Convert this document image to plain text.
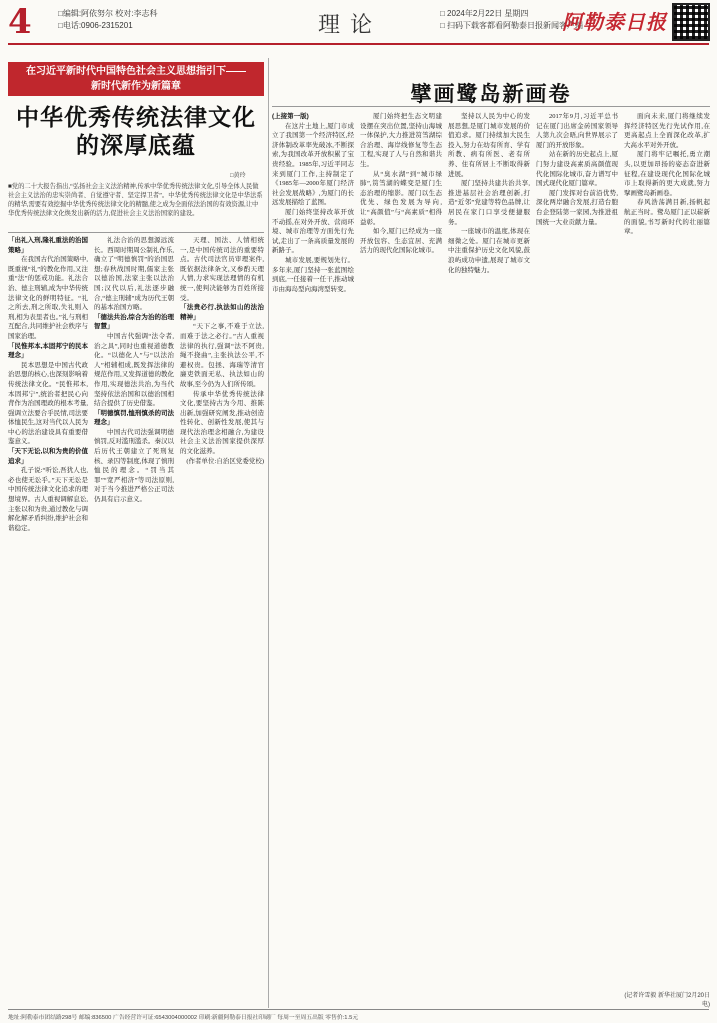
4	□编辑:阿依努尔 校对:李志科
□电话:0906-2315201	理论	□ 2024年2月22日 星期四
□ 扫码下载客都看阿勒泰日报新闻客户端
阿勒泰日报
在习近平新时代中国特色社会主义思想指引下——
新时代新作为新篇章
中华优秀传统法律文化的深厚底蕴
□黄玲
■党的二十大报告指出,“弘扬社会主义法治精神,传承中华优秀传统法律文化,引导全体人民做社会主义法治的忠实崇尚者、自觉遵守者、坚定捍卫者”。中华优秀传统法律文化是中华法系的精华,需要有效挖掘中华优秀传统法律文化的精髓,使之成为全面依法治国的有效资源,让中华优秀传统法律文化焕发出新的活力,促进社会主义法治国家的建设。
「出礼入刑,隆礼重法的治国策略」

在我国古代治国策略中,既重视“礼”的教化作用,又注重“法”的惩戒功能。礼法合治、德主刑辅,成为中华传统法律文化的鲜明特征。“礼之所去,刑之所取,失礼则入刑,相为表里者也。”礼与刑相互配合,共同维护社会秩序与国家治理。

「民惟邦本,本固邦宁的民本理念」

民本思想是中国古代政治思想的核心,也深刻影响着传统法律文化。“民惟邦本,本固邦宁”,统治者把民心向背作为治国理政的根本考量,强调立法要合乎民情,司法要体恤民生,这对当代以人民为中心的法治建设具有重要借鉴意义。

「天下无讼,以和为贵的价值追求」

孔子说:“听讼,吾犹人也,必也使无讼乎。”天下无讼是中国传统法律文化追求的理想境界。古人重视调解息讼,主张以和为贵,通过教化与调解化解矛盾纠纷,维护社会和谐稳定。

礼法合治的思想源远流长。西周时期周公制礼作乐,确立了“明德慎罚”的治国思想;春秋战国时期,儒家主张以德治国,法家主张以法治国;汉代以后,礼法逐步融合,“德主刑辅”成为历代王朝的基本治国方略。

「德法共治,综合为治的治理智慧」

中国古代强调“法令者,治之具”,同时也重视道德教化。“以德化人”与“以法治人”相辅相成,既发挥法律的规范作用,又发挥道德的教化作用,实现德法共治,为当代坚持依法治国和以德治国相结合提供了历史借鉴。

「明德慎罚,恤刑慎杀的司法理念」

中国古代司法强调明德慎罚,反对滥刑滥杀。秦汉以后历代王朝建立了死刑复核、录囚等制度,体现了慎刑恤民的理念。“罚当其罪”“宽严相济”等司法原则,对于当今推进严格公正司法仍具有启示意义。

天理、国法、人情相统一,是中国传统司法的重要特点。古代司法官员审理案件,既依据法律条文,又参酌天理人情,力求实现法理情的有机统一,使判决能够为百姓所接受。

「法贵必行,执法如山的法治精神」

“天下之事,不难于立法,而难于法之必行。”古人重视法律的执行,强调“法不阿贵,绳不挠曲”,主张执法公平,不避权贵。包拯、海瑞等清官廉吏铁面无私、执法如山的故事,至今仍为人们所传颂。

传承中华优秀传统法律文化,要坚持古为今用、推陈出新,加强研究阐发,推动创造性转化、创新性发展,使其与现代法治理念相融合,为建设社会主义法治国家提供深厚的文化滋养。

(作者单位:自治区党委党校)
擘画鹭岛新画卷
(上接第一版)

在这片土地上,厦门市成立了我国第一个经济特区,经济体制改革率先破冰,不断探索,为我国改革开放积累了宝贵经验。1985年,习近平同志来到厦门工作,主持制定了《1985年—2000年厦门经济社会发展战略》,为厦门的长远发展描绘了蓝图。

厦门始终坚持改革开放不动摇,在对外开放、营商环境、城市治理等方面先行先试,走出了一条高质量发展的新路子。

城市发展,要规划先行。多年来,厦门坚持一张蓝图绘到底,一任接着一任干,推动城市由海岛型向海湾型转变。

厦门始终把生态文明建设摆在突出位置,坚持山海城一体保护,大力推进筼筜湖综合治理、海岸线修复等生态工程,实现了人与自然和谐共生。

从“臭水湖”到“城市绿肺”,筼筜湖的蝶变是厦门生态治理的缩影。厦门以生态优先、绿色发展为导向,让“高颜值”与“高素质”相得益彰。

如今,厦门已经成为一座开放包容、生态宜居、充满活力的现代化国际化城市。

坚持以人民为中心的发展思想,是厦门城市发展的价值追求。厦门持续加大民生投入,努力在幼有所育、学有所教、病有所医、老有所养、住有所居上不断取得新进展。

厦门坚持共建共治共享,推进基层社会治理创新,打造“近邻”党建等特色品牌,让居民在家门口享受便捷服务。

一座城市的温度,体现在细微之处。厦门在城市更新中注重保护历史文化风貌,鼓浪屿成功申遗,展现了城市文化的独特魅力。

2017年9月,习近平总书记在厦门出席金砖国家领导人第九次会晤,向世界展示了厦门的开放形象。

站在新的历史起点上,厦门努力建设高素质高颜值现代化国际化城市,奋力谱写中国式现代化厦门篇章。

厦门发挥对台前沿优势,深化两岸融合发展,打造台胞台企登陆第一家园,为推进祖国统一大业贡献力量。

面向未来,厦门将继续发挥经济特区先行先试作用,在更高起点上全面深化改革,扩大高水平对外开放。

厦门将牢记嘱托,勇立潮头,以更加昂扬的姿态奋进新征程,在建设现代化国际化城市上取得新的更大成就,努力擘画鹭岛新画卷。

春风浩荡满目新,扬帆起航正当时。鹭岛厦门正以崭新的面貌,书写新时代的壮丽篇章。

(记者许雪毅 新华社厦门2月20日电)
地址:阿勒泰市团结路298号 邮编:836500 广告经营许可证:6543004000002 印刷:新疆阿勒泰日报社印刷厂 每周一至周五出版 零售价:1.5元
